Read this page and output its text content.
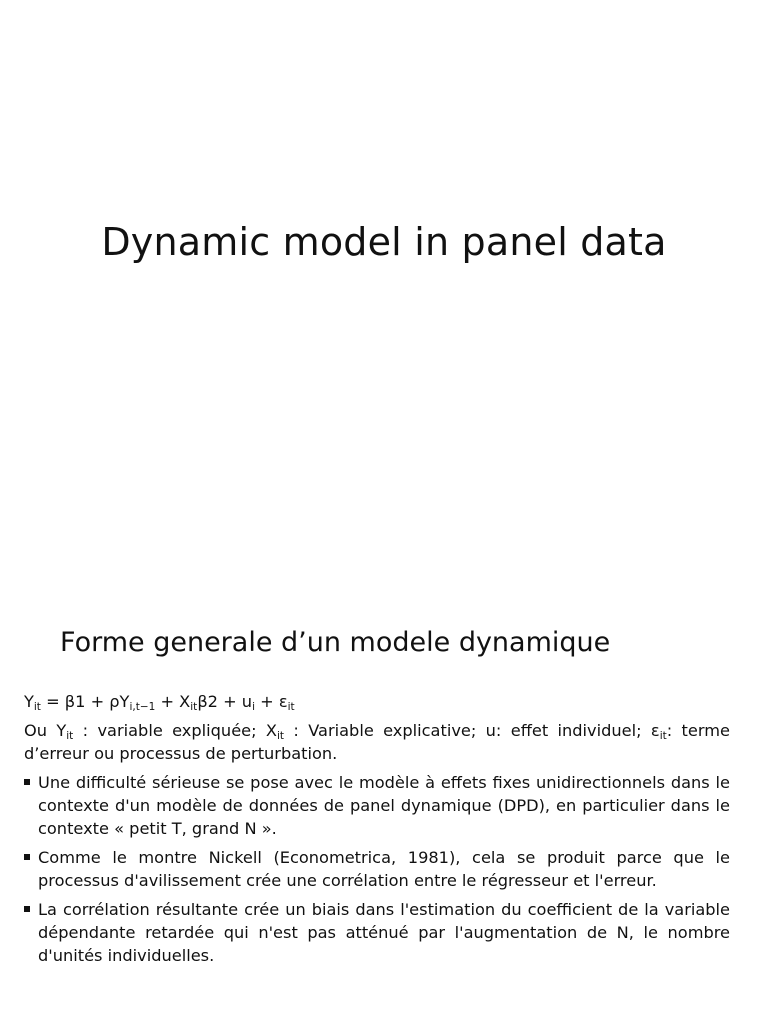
Dynamic model in panel data
Forme generale d’un modele dynamique

$Y_{it} = \beta 1 + \rho Y_{i,t-1} + X_{it}\beta 2 + u_i + \varepsilon_{it}$

Ou $Y_{it}$ : variable expliquée; $X_{it}$ : Variable explicative; u: effet individuel; $\varepsilon_{it}$: terme d’erreur ou processus de perturbation.

Une difficulté sérieuse se pose avec le modèle à effets fixes unidirectionnels dans le contexte d'un modèle de données de panel dynamique (DPD), en particulier dans le contexte « petit T, grand N ».
Comme le montre Nickell (Econometrica, 1981), cela se produit parce que le processus d'avilissement crée une corrélation entre le régresseur et l'erreur.
La corrélation résultante crée un biais dans l'estimation du coefficient de la variable dépendante retardée qui n'est pas atténué par l'augmentation de N, le nombre d'unités individuelles.
